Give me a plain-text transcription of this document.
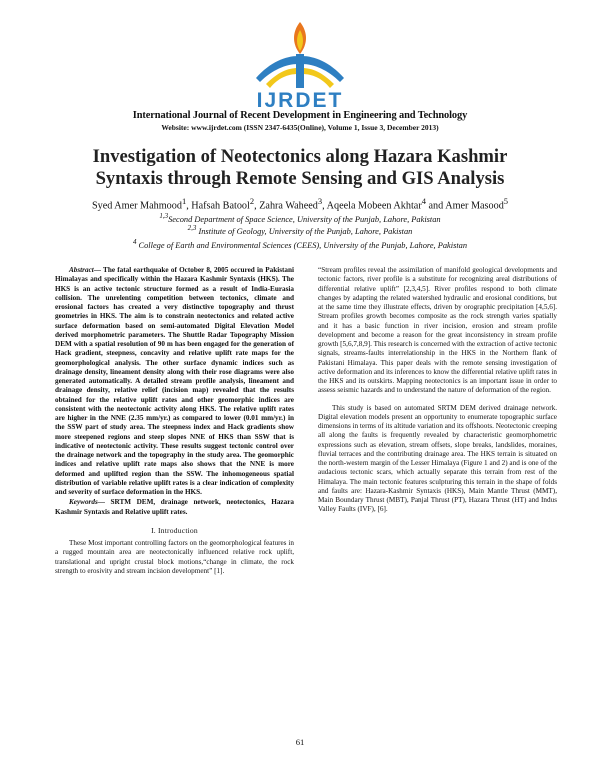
IJRDET

International Journal of Recent Development in Engineering and Technology

Website: www.ijrdet.com (ISSN 2347-6435(Online), Volume 1, Issue 3, December 2013)

Investigation of Neotectonics along Hazara Kashmir
Syntaxis through Remote Sensing and GIS Analysis

Syed Amer Mahmood$^1$, Hafsah Batool$^2$, Zahra Waheed$^3$, Aqeela Mobeen Akhtar$^4$ and Amer Masood$^5$

$^{1,3}$Second Department of Space Science, University of the Punjab, Lahore, Pakistan

$^{2,3}$ Institute of Geology, University of the Punjab, Lahore, Pakistan

$^4$ College of Earth and Environmental Sciences (CEES), University of the Punjab, Lahore, Pakistan

Abstract— The fatal earthquake of October 8, 2005 occured in Pakistani Himalayas and specifically within the Hazara Kashmir Syntaxis (HKS). The HKS is an active tectonic structure formed as a result of India-Eurasia collision. The unrelenting competition between tectonics, climate and erosional factors has created a very distinctive topography and thrust geometries in HKS. The aim is to constrain neotectonics and related active surface deformation based on semi-automated Digital Elevation Model derived morphometric parameters. The Shuttle Radar Topography Mission DEM with a spatial resolution of 90 m has been engaged for the generation of Hack gradient, steepness, concavity and relative uplift rate maps for the geomorphological analysis. The other surface dynamic indices such as drainage density, lineament density along with their rose diagrams were also generated automatically. A detailed stream profile analysis, lineament and drainage density, relative relief (incision map) revealed that the results obtained for the relative uplift rates and other geomorphic indices are consistent with the neotectonic activity along HKS. The relative uplift rates are higher in the NNE (2.35 mm/yr.) as compared to lower (0.01 mm/yr.) in the SSW part of study area. The steepness index and Hack gradients show more steepened regions and steep slopes NNE of HKS than SSW that is indicative of neotectonic activity. These results suggest tectonic control over the drainage network and the topography in the study area. The geomorphic indices and relative uplift rate maps also shows that the NNE is more deformed and uplifted region than the SSW. The inhomogeneous spatial distribution of variable relative uplift rates is a clear indication of complexity and severity of surface deformation in the HKS.

Keywords— SRTM DEM, drainage network, neotectonics, Hazara Kashmir Syntaxis and Relative uplift rates.

I. Introduction

These Most important controlling factors on the geomorphological features in a rugged mountain area are neotectonically influenced relative rock uplift, translational and upright crustal block motions,“change in climate, the rock strength to erosivity and stream incision development” [1].

“Stream profiles reveal the assimilation of manifold geological developments and tectonic factors, river profile is a substitute for recognizing areal distributions of differential relative uplift” [2,3,4,5]. River profiles respond to both climate changes by adapting the related watershed hydraulic and erosional conditions, but at the same time they illustrate effects, driven by orographic precipitation [4,5,6]. Stream profiles growth becomes composite as the rock strength varies spatially and it has a basic function in river incision, erosion and stream profile development and become a reason for the great inconsistency in stream profile growth [5,6,7,8,9]. This research is concerned with the extraction of active tectonic signals, streams-faults interrelationship in the HKS in the Northern flank of Pakistani Himalaya. This paper deals with the remote sensing investigation of active deformation and its inferences to know the differential relative uplift rates in the HKS and its outskirts. Mapping neotectonics is an important issue in order to assess seismic hazards and to understand the nature of deformation of the region.

This study is based on automated SRTM DEM derived drainage network. Digital elevation models present an opportunity to enumerate topographic surface dimensions in terms of its altitude variation and its offshoots. Neotectonic creeping all along the faults is frequently revealed by characteristic geomorphometric expressions such as elevation, stream offsets, slope breaks, landslides, moraines, fluvial terraces and the contributing drainage area. The HKS terrain is situated on the north-western margin of the Lesser Himalaya (Figure 1 and 2) and is one of the audacious tectonic scars, which actually separate this terrain from rest of the Himalaya. The main tectonic features sculpturing this terrain in the shape of folds and faults are: Hazara-Kashmir Syntaxis (HKS), Main Mantle Thrust (MMT), Main Boundary Thrust (MBT), Panjal Thrust (PT), Hazara Thrust (HT) and Indus Valley Faults (IVF), [6].

61
